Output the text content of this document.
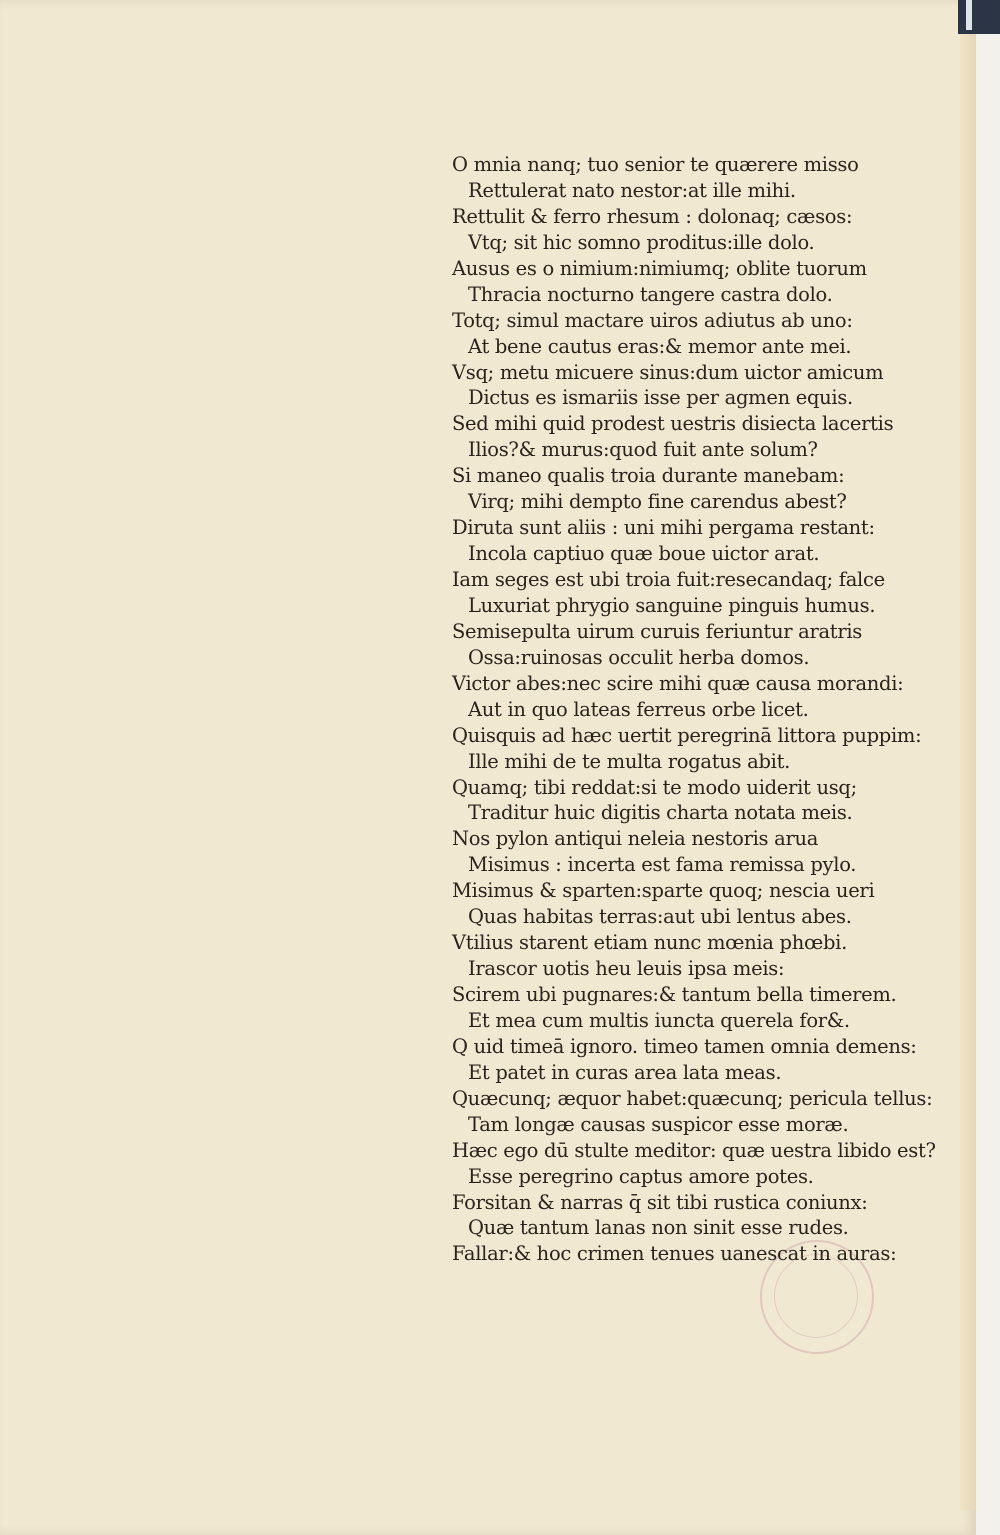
O mnia nanq; tuo senior te quærere misso
Rettulerat nato nestor:at ille mihi.
Rettulit & ferro rhesum : dolonaq; cæsos:
Vtq; sit hic somno proditus:ille dolo.
Ausus es o nimium:nimiumq; oblite tuorum
Thracia nocturno tangere castra dolo.
Totq; simul mactare uiros adiutus ab uno:
At bene cautus eras:& memor ante mei.
Vsq; metu micuere sinus:dum uictor amicum
Dictus es ismariis isse per agmen equis.
Sed mihi quid prodest uestris disiecta lacertis
Ilios?& murus:quod fuit ante solum?
Si maneo qualis troia durante manebam:
Virq; mihi dempto fine carendus abest?
Diruta sunt aliis : uni mihi pergama restant:
Incola captiuo quæ boue uictor arat.
Iam seges est ubi troia fuit:resecandaq; falce
Luxuriat phrygio sanguine pinguis humus.
Semisepulta uirum curuis feriuntur aratris
Ossa:ruinosas occulit herba domos.
Victor abes:nec scire mihi quæ causa morandi:
Aut in quo lateas ferreus orbe licet.
Quisquis ad hæc uertit peregrinā littora puppim:
Ille mihi de te multa rogatus abit.
Quamq; tibi reddat:si te modo uiderit usq;
Traditur huic digitis charta notata meis.
Nos pylon antiqui neleia nestoris arua
Misimus : incerta est fama remissa pylo.
Misimus & sparten:sparte quoq; nescia ueri
Quas habitas terras:aut ubi lentus abes.
Vtilius starent etiam nunc mœnia phœbi.
Irascor uotis heu leuis ipsa meis:
Scirem ubi pugnares:& tantum bella timerem.
Et mea cum multis iuncta querela for&.
Q uid timeā ignoro. timeo tamen omnia demens:
Et patet in curas area lata meas.
Quæcunq; æquor habet:quæcunq; pericula tellus:
Tam longæ causas suspicor esse moræ.
Hæc ego dū stulte meditor: quæ uestra libido est?
Esse peregrino captus amore potes.
Forsitan & narras q̄ sit tibi rustica coniunx:
Quæ tantum lanas non sinit esse rudes.
Fallar:& hoc crimen tenues uanescat in auras:
